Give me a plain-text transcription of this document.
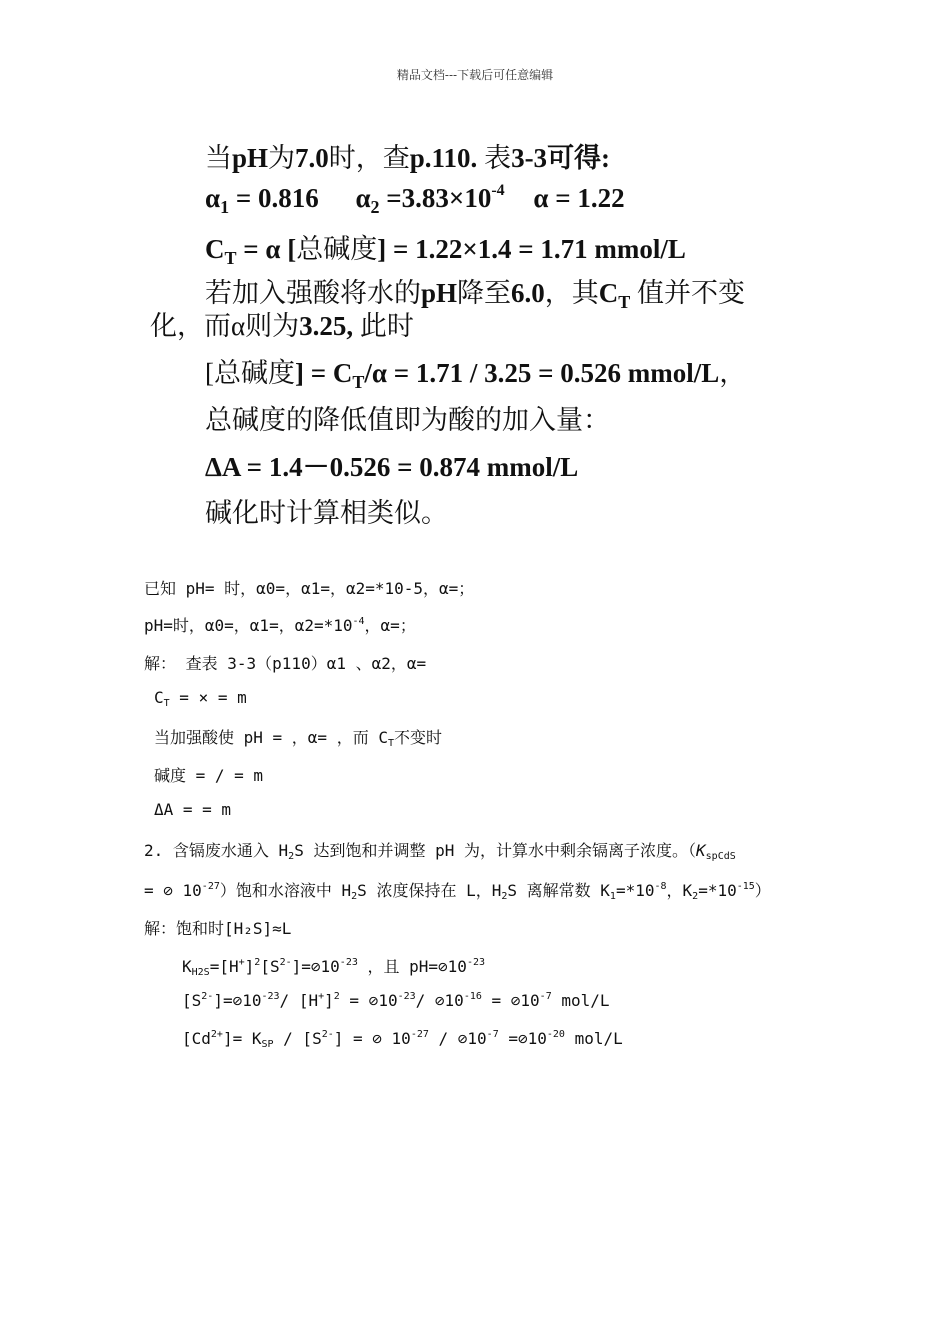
精品文档---下载后可任意编辑
当pH为7.0时，查p.110. 表3-3可得:
$\alpha_1 = 0.816$ $\alpha_2 =3.83\times 10^{-4}$ α = 1.22
$C_T = \alpha$ [总碱度] = 1.22×1.4 = 1.71 mmol/L
若加入强酸将水的pH降至6.0，其$C_T$ 值并不变
化，而α则为3.25, 此时
[总碱度] = $C_T/\alpha = 1.71 / 3.25 = 0.526$ mmol/L，
总碱度的降低值即为酸的加入量：
ΔA = 1.4－0.526 = 0.874 mmol/L
碱化时计算相类似。
已知 pH= 时，α0=，α1=，α2=*10-5，α=；
pH=时，α0=，α1=，$\alpha 2=*10^{-4}$，α=；
解： 查表 3-3（p110）α1 、α2，α=
$C_T$ = × = m
当加强酸使 pH = ，α= ，而 $C_T$不变时
碱度 = / = m
ΔA = = m
2. 含镉废水通入 $H_2S$ 达到饱和并调整 pH 为，计算水中剩余镉离子浓度。（$K_{spCdS}$
= ⊘ $10^{-27}$）饱和水溶液中 $H_2S$ 浓度保持在 L，$H_2S$ 离解常数 $K_1=*10^{-8}$，$K_2=*10^{-15}$）
解：饱和时[H₂S]≈L
$K_{H2S}=[H^+]^2[S^{2-}]=⊘10^{-23}$ ，且 $pH=⊘10^{-23}$
$[S^{2-}]=⊘10^{-23}/$ $[H^+]^2$ = $⊘10^{-23}/$ $⊘10^{-16}$ = $⊘10^{-7}$ mol/L
$[Cd^{2+}]= K_{SP} / [S^{2-}]$ = ⊘ $10^{-27}$ / $⊘10^{-7}$ $=⊘10^{-20}$ mol/L
